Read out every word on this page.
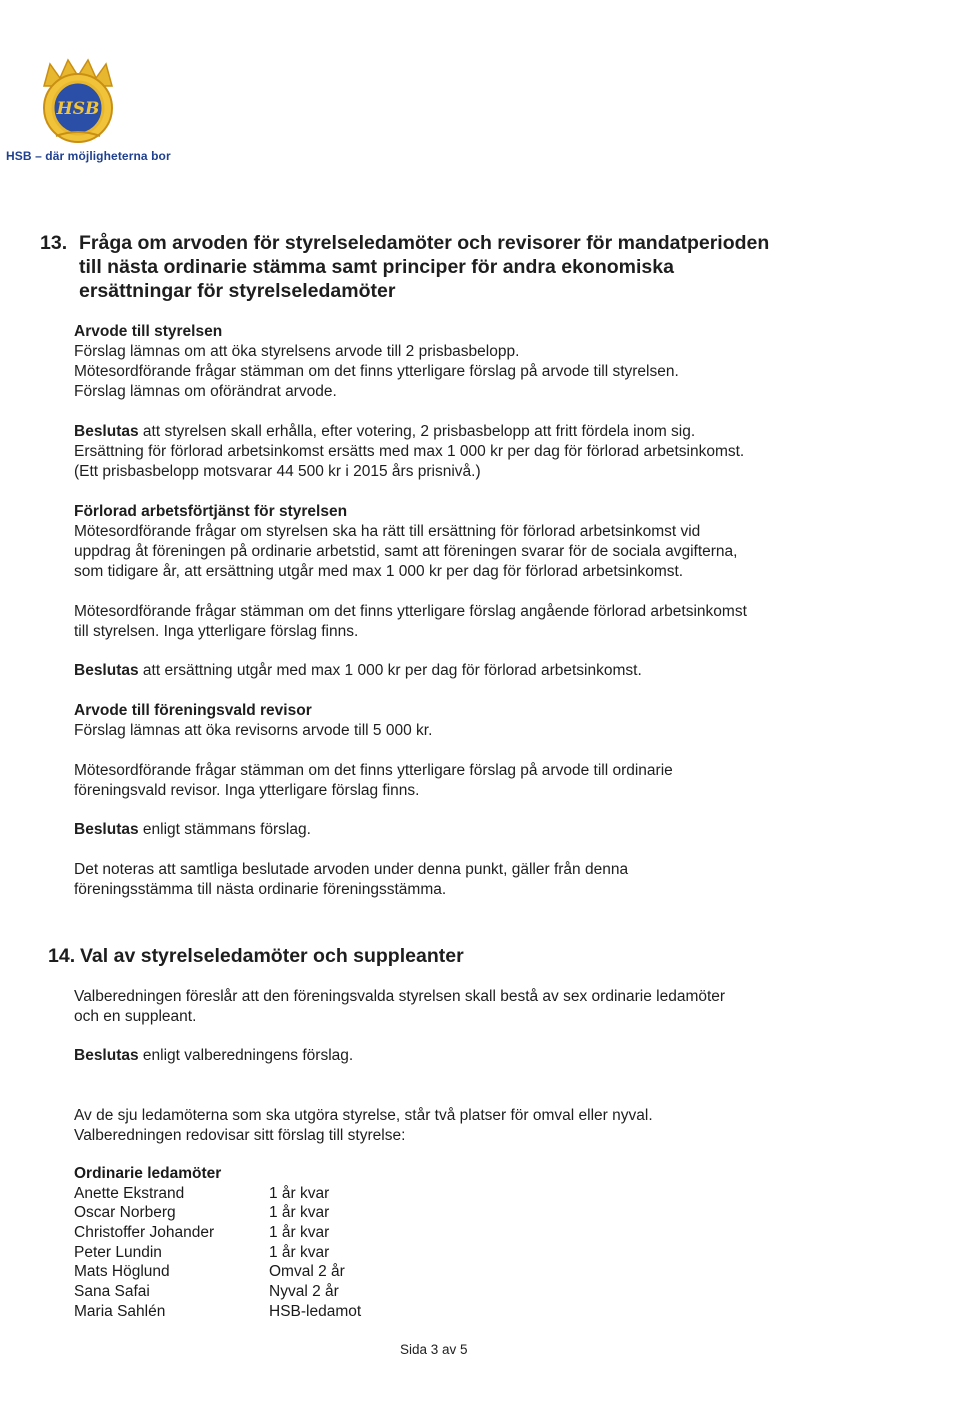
HSB
HSB – där möjligheterna bor
13. Fråga om arvoden för styrelseledamöter och revisorer för mandatperioden
till nästa ordinarie stämma samt principer för andra ekonomiska
ersättningar för styrelseledamöter
Arvode till styrelsen
Förslag lämnas om att öka styrelsens arvode till 2 prisbasbelopp.
Mötesordförande frågar stämman om det finns ytterligare förslag på arvode till styrelsen.
Förslag lämnas om oförändrat arvode.
Beslutas att styrelsen skall erhålla, efter votering, 2 prisbasbelopp att fritt fördela inom sig.
Ersättning för förlorad arbetsinkomst ersätts med max 1 000 kr per dag för förlorad arbetsinkomst.
(Ett prisbasbelopp motsvarar 44 500 kr i 2015 års prisnivå.)
Förlorad arbetsförtjänst för styrelsen
Mötesordförande frågar om styrelsen ska ha rätt till ersättning för förlorad arbetsinkomst vid
uppdrag åt föreningen på ordinarie arbetstid, samt att föreningen svarar för de sociala avgifterna,
som tidigare år, att ersättning utgår med max 1 000 kr per dag för förlorad arbetsinkomst.
Mötesordförande frågar stämman om det finns ytterligare förslag angående förlorad arbetsinkomst
till styrelsen. Inga ytterligare förslag finns.
Beslutas att ersättning utgår med max 1 000 kr per dag för förlorad arbetsinkomst.
Arvode till föreningsvald revisor
Förslag lämnas att öka revisorns arvode till 5 000 kr.
Mötesordförande frågar stämman om det finns ytterligare förslag på arvode till ordinarie
föreningsvald revisor. Inga ytterligare förslag finns.
Beslutas enligt stämmans förslag.
Det noteras att samtliga beslutade arvoden under denna punkt, gäller från denna
föreningsstämma till nästa ordinarie föreningsstämma.
14. Val av styrelseledamöter och suppleanter
Valberedningen föreslår att den föreningsvalda styrelsen skall bestå av sex ordinarie ledamöter
och en suppleant.
Beslutas enligt valberedningens förslag.
Av de sju ledamöterna som ska utgöra styrelse, står två platser för omval eller nyval.
Valberedningen redovisar sitt förslag till styrelse:
Ordinarie ledamöter
Anette Ekstrand	1 år kvar
Oscar Norberg	1 år kvar
Christoffer Johander	1 år kvar
Peter Lundin	1 år kvar
Mats Höglund	Omval 2 år
Sana Safai	Nyval 2 år
Maria Sahlén	HSB-ledamot
Sida 3 av 5
